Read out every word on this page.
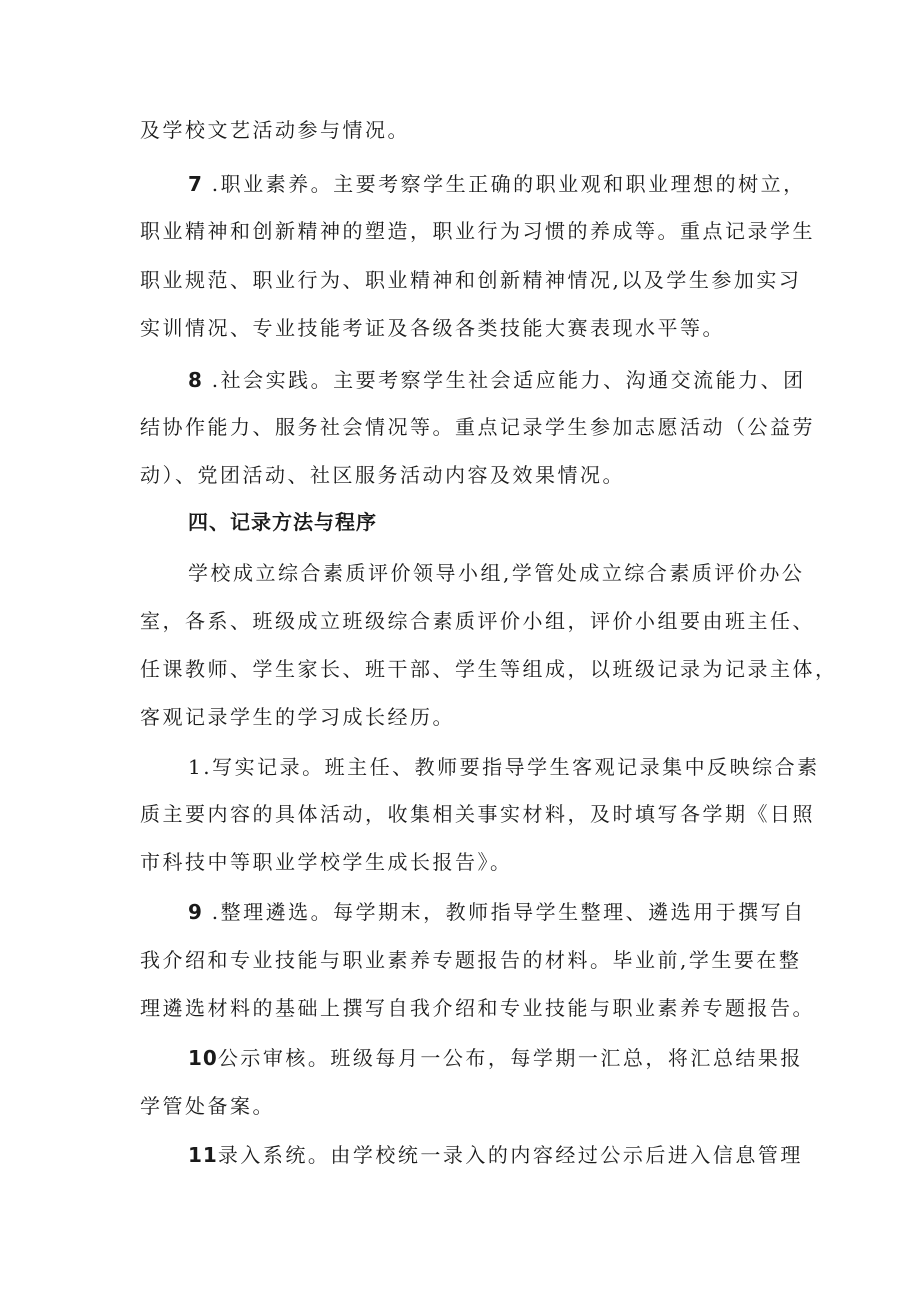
及学校文艺活动参与情况。
7 .职业素养。主要考察学生正确的职业观和职业理想的树立，
职业精神和创新精神的塑造，职业行为习惯的养成等。重点记录学生
职业规范、职业行为、职业精神和创新精神情况,以及学生参加实习
实训情况、专业技能考证及各级各类技能大赛表现水平等。
8 .社会实践。主要考察学生社会适应能力、沟通交流能力、团
结协作能力、服务社会情况等。重点记录学生参加志愿活动（公益劳
动）、党团活动、社区服务活动内容及效果情况。
四、记录方法与程序
学校成立综合素质评价领导小组,学管处成立综合素质评价办公
室，各系、班级成立班级综合素质评价小组，评价小组要由班主任、
任课教师、学生家长、班干部、学生等组成，以班级记录为记录主体，
客观记录学生的学习成长经历。
1.写实记录。班主任、教师要指导学生客观记录集中反映综合素
质主要内容的具体活动，收集相关事实材料，及时填写各学期《日照
市科技中等职业学校学生成长报告》。
9 .整理遴选。每学期末，教师指导学生整理、遴选用于撰写自
我介绍和专业技能与职业素养专题报告的材料。毕业前,学生要在整
理遴选材料的基础上撰写自我介绍和专业技能与职业素养专题报告。
10公示审核。班级每月一公布，每学期一汇总，将汇总结果报
学管处备案。
11录入系统。由学校统一录入的内容经过公示后进入信息管理
